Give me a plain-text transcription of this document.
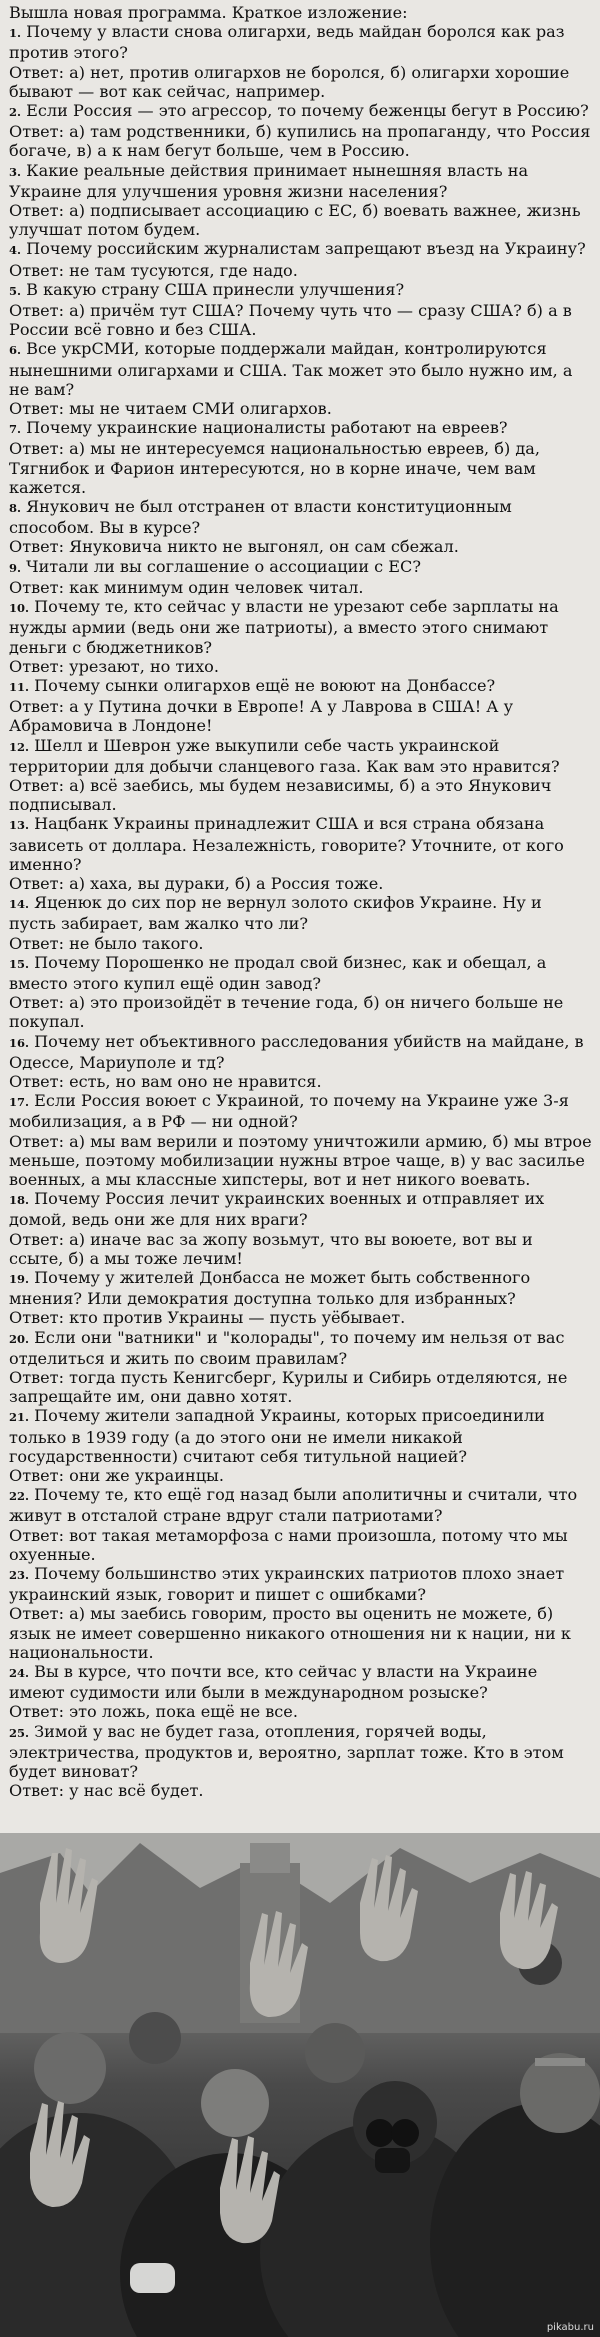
Вышла новая программа. Краткое изложение:

1. Почему у власти снова олигархи, ведь майдан боролся как раз против этого?

Ответ: а) нет, против олигархов не боролся, б) олигархи хорошие бывают — вот как сейчас, например.

2. Если Россия — это агрессор, то почему беженцы бегут в Россию?

Ответ: а) там родственники, б) купились на пропаганду, что Россия богаче, в) а к нам бегут больше, чем в Россию.

3. Какие реальные действия принимает нынешняя власть на Украине для улучшения уровня жизни населения?

Ответ: а) подписывает ассоциацию с ЕС, б) воевать важнее, жизнь улучшат потом будем.

4. Почему российским журналистам запрещают въезд на Украину?

Ответ: не там тусуются, где надо.

5. В какую страну США принесли улучшения?

Ответ: а) причём тут США? Почему чуть что — сразу США? б) а в России всё говно и без США.

6. Все укрСМИ, которые поддержали майдан, контролируются нынешними олигархами и США. Так может это было нужно им, а не вам?

Ответ: мы не читаем СМИ олигархов.

7. Почему украинские националисты работают на евреев?

Ответ: а) мы не интересуемся национальностью евреев, б) да, Тягнибок и Фарион интересуются, но в корне иначе, чем вам кажется.

8. Янукович не был отстранен от власти конституционным способом. Вы в курсе?

Ответ: Януковича никто не выгонял, он сам сбежал.

9. Читали ли вы соглашение о ассоциации с ЕС?

Ответ: как минимум один человек читал.

10. Почему те, кто сейчас у власти не урезают себе зарплаты на нужды армии (ведь они же патриоты), а вместо этого снимают деньги с бюджетников?

Ответ: урезают, но тихо.

11. Почему сынки олигархов ещё не воюют на Донбассе?

Ответ: а у Путина дочки в Европе! А у Лаврова в США! А у Абрамовича в Лондоне!

12. Шелл и Шеврон уже выкупили себе часть украинской территории для добычи сланцевого газа. Как вам это нравится?

Ответ: а) всё заебись, мы будем независимы, б) а это Янукович подписывал.

13. Нацбанк Украины принадлежит США и вся страна обязана зависеть от доллара. Незалежність, говорите? Уточните, от кого именно?

Ответ: а) хаха, вы дураки, б) а Россия тоже.

14. Яценюк до сих пор не вернул золото скифов Украине. Ну и пусть забирает, вам жалко что ли?

Ответ: не было такого.

15. Почему Порошенко не продал свой бизнес, как и обещал, а вместо этого купил ещё один завод?

Ответ: а) это произойдёт в течение года, б) он ничего больше не покупал.

16. Почему нет объективного расследования убийств на майдане, в Одессе, Мариуполе и тд?

Ответ: есть, но вам оно не нравится.

17. Если Россия воюет с Украиной, то почему на Украине уже 3-я мобилизация, а в РФ — ни одной?

Ответ: а) мы вам верили и поэтому уничтожили армию, б) мы втрое меньше, поэтому мобилизации нужны втрое чаще, в) у вас засилье военных, а мы классные хипстеры, вот и нет никого воевать.

18. Почему Россия лечит украинских военных и отправляет их домой, ведь они же для них враги?

Ответ: а) иначе вас за жопу возьмут, что вы воюете, вот вы и ссыте, б) а мы тоже лечим!

19. Почему у жителей Донбасса не может быть собственного мнения? Или демократия доступна только для избранных?

Ответ: кто против Украины — пусть уёбывает.

20. Если они "ватники" и "колорады", то почему им нельзя от вас отделиться и жить по своим правилам?

Ответ: тогда пусть Кенигсберг, Курилы и Сибирь отделяются, не запрещайте им, они давно хотят.

21. Почему жители западной Украины, которых присоединили только в 1939 году (а до этого они не имели никакой государственности) считают себя титульной нацией?

Ответ: они же украинцы.

22. Почему те, кто ещё год назад были аполитичны и считали, что живут в отсталой стране вдруг стали патриотами?

Ответ: вот такая метаморфоза с нами произошла, потому что мы охуенные.

23. Почему большинство этих украинских патриотов плохо знает украинский язык, говорит и пишет с ошибками?

Ответ: а) мы заебись говорим, просто вы оценить не можете, б) язык не имеет совершенно никакого отношения ни к нации, ни к национальности.

24. Вы в курсе, что почти все, кто сейчас у власти на Украине имеют судимости или были в международном розыске?

Ответ: это ложь, пока ещё не все.

25. Зимой у вас не будет газа, отопления, горячей воды, электричества, продуктов и, вероятно, зарплат тоже. Кто в этом будет виноват?

Ответ: у нас всё будет.

pikabu.ru
